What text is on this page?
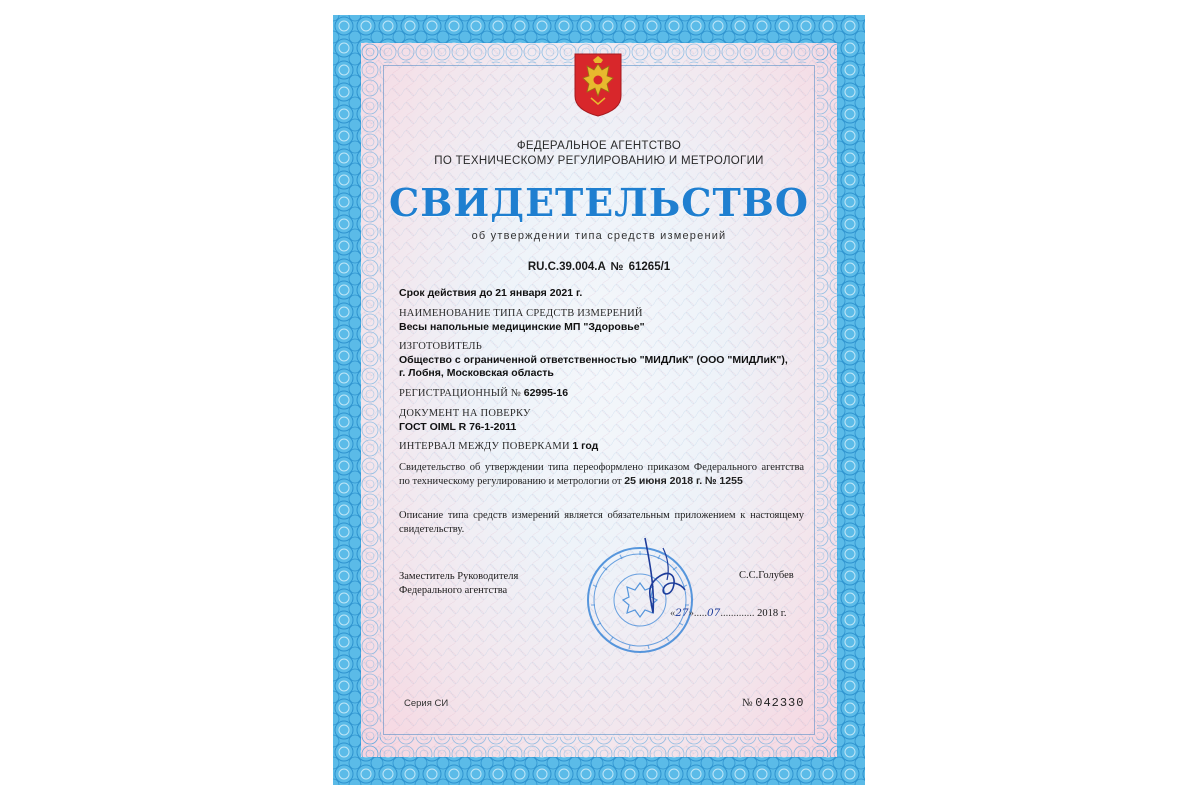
ФЕДЕРАЛЬНОЕ АГЕНТСТВО
ПО ТЕХНИЧЕСКОМУ РЕГУЛИРОВАНИЮ И МЕТРОЛОГИИ
СВИДЕТЕЛЬСТВО
об утверждении типа средств измерений
RU.C.39.004.A № 61265/1
Срок действия до 21 января 2021 г.
НАИМЕНОВАНИЕ ТИПА СРЕДСТВ ИЗМЕРЕНИЙ
Весы напольные медицинские МП "Здоровье"
ИЗГОТОВИТЕЛЬ
Общество с ограниченной ответственностью "МИДЛиК" (ООО "МИДЛиК"),
г. Лобня, Московская область
РЕГИСТРАЦИОННЫЙ № 62995-16
ДОКУМЕНТ НА ПОВЕРКУ
ГОСТ OIML R 76-1-2011
ИНТЕРВАЛ МЕЖДУ ПОВЕРКАМИ 1 год
Свидетельство об утверждении типа переоформлено приказом Федерального агентства по техническому регулированию и метрологии от 25 июня 2018 г. № 1255
Описание типа средств измерений является обязательным приложением к настоящему свидетельству.
Заместитель Руководителя
Федерального агентства
С.С.Голубев
«27».....07............. 2018 г.
Серия СИ	№ 042330
